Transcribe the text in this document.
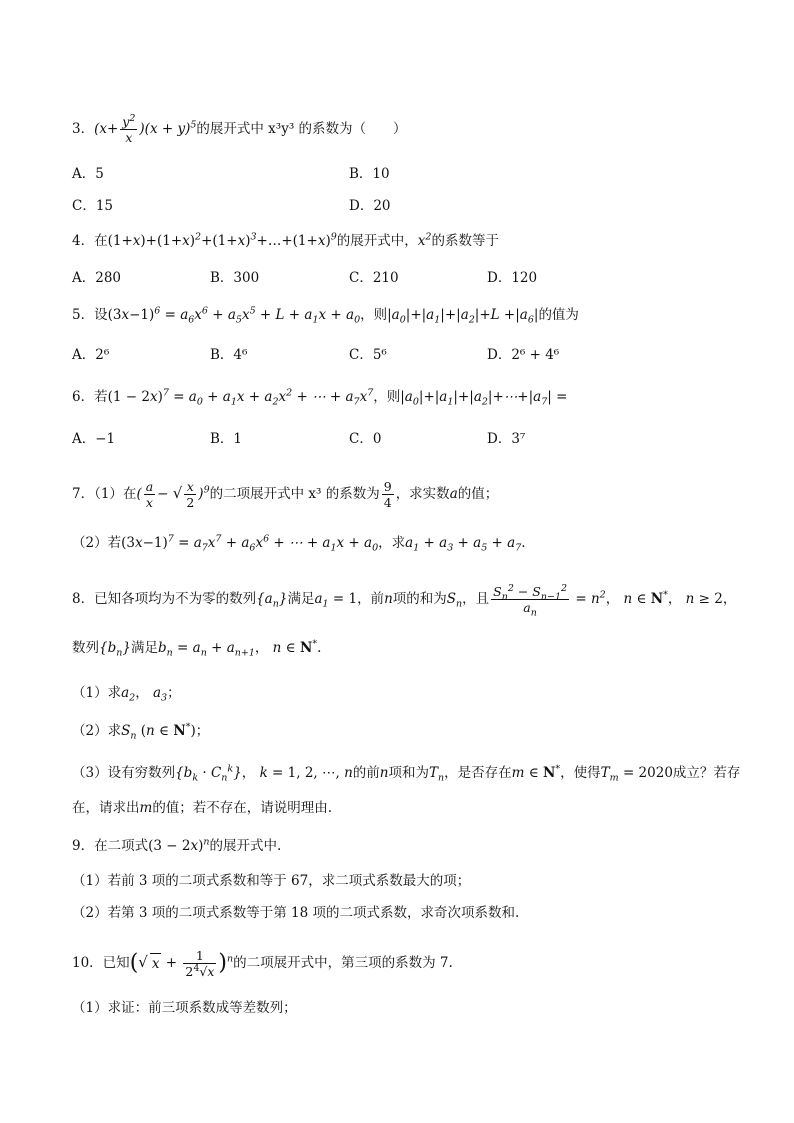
3．$(x+ \frac{y^2}{x} )(x + y)^5$的展开式中 x³y³ 的系数为（　　）
A．5	B．10
C．15	D．20
4．在$(1+x)+(1+x)^2+(1+x)^3+\dots+(1+x)^9$的展开式中，$x^2$的系数等于
A．280	B．300	C．210	D．120
5．设$(3x-1)^6 = a_6x^6 + a_5x^5 + L + a_1x + a_0$，则$|a_0|+|a_1|+|a_2|+L +|a_6|$的值为
A．2⁶	B．4⁶	C．5⁶	D．2⁶ + 4⁶
6．若$(1 - 2x)^7 = a_0 + a_1x + a_2x^2$ + ⋯ + $a_7x^7$，则$|a_0|+|a_1|+|a_2|+\cdots+|a_7|$ =
A．−1	B．1	C．0	D．3⁷
7．（1）在( $\frac{a}{x}$ − √ $\frac{x}{2} )^9$的二项展开式中 x³ 的系数为 $\frac{9}{4}$ ，求实数a的值；
（2）若$(3x-1)^7 = a_7x^7 + a_6x^6$ + ⋯ + $a_1x + a_0$，求$a_1 + a_3 + a_5 + a_7$.
8．已知各项均为不为零的数列$\{a_n\}$满足$a_1 = 1$，前n项的和为$S_n$，且 $\frac{S_n^2 - S_{n-1}^2}{a_n} = n^2$， n ∈ N*， n ≥ 2，
数列$\{b_n\}$满足$b_n = a_n + a_{n+1}$， n ∈ N*.
（1）求$a_2$， $a_3$；
（2）求$S_n$ (n ∈ N*)；
（3）设有穷数列$\{b_k \cdot C_n^k\}$， k = 1, 2, ⋯, n的前n项和为$T_n$，是否存在m ∈ N*，使得$T_m = 2020$成立？若存
在，请求出m的值；若不存在，请说明理由.
9．在二项式$(3 - 2x)^n$的展开式中.
（1）若前 3 项的二项式系数和等于 67，求二项式系数最大的项；
（2）若第 3 项的二项式系数等于第 18 项的二项式系数，求奇次项系数和.
10．已知(√ $x + \frac{1}{2^4√x} )^n$的二项展开式中，第三项的系数为 7.
（1）求证：前三项系数成等差数列；
